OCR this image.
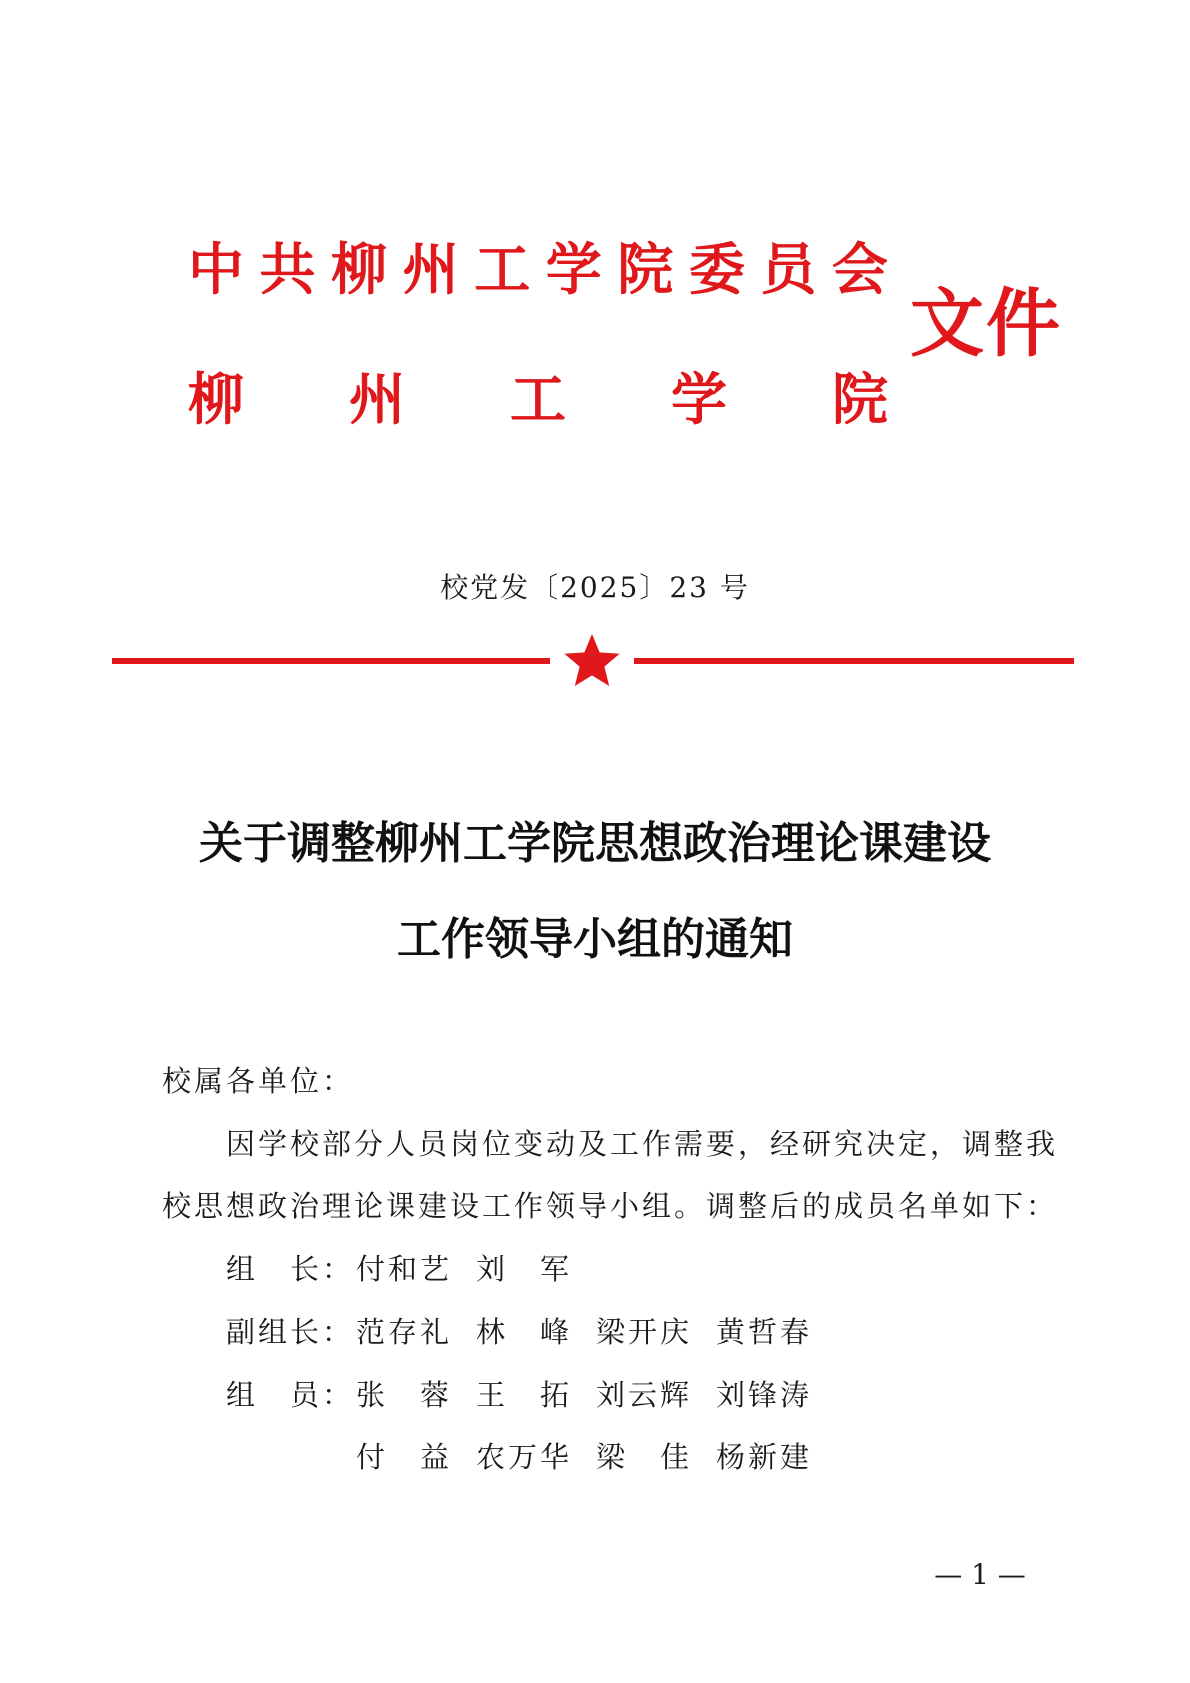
中 共 柳 州 工 学 院 委 员 会
柳 州 工 学 院
文件
校党发〔2025〕23 号
关于调整柳州工学院思想政治理论课建设
工作领导小组的通知
校属各单位：
因学校部分人员岗位变动及工作需要，经研究决定，调整我
校思想政治理论课建设工作领导小组。调整后的成员名单如下：
组　长： 付和艺 刘　军
副组长： 范存礼 林　峰 梁开庆 黄哲春
组　员： 张　蓉 王　拓 刘云辉 刘锋涛
付　益 农万华 梁　佳 杨新建
— 1 —
